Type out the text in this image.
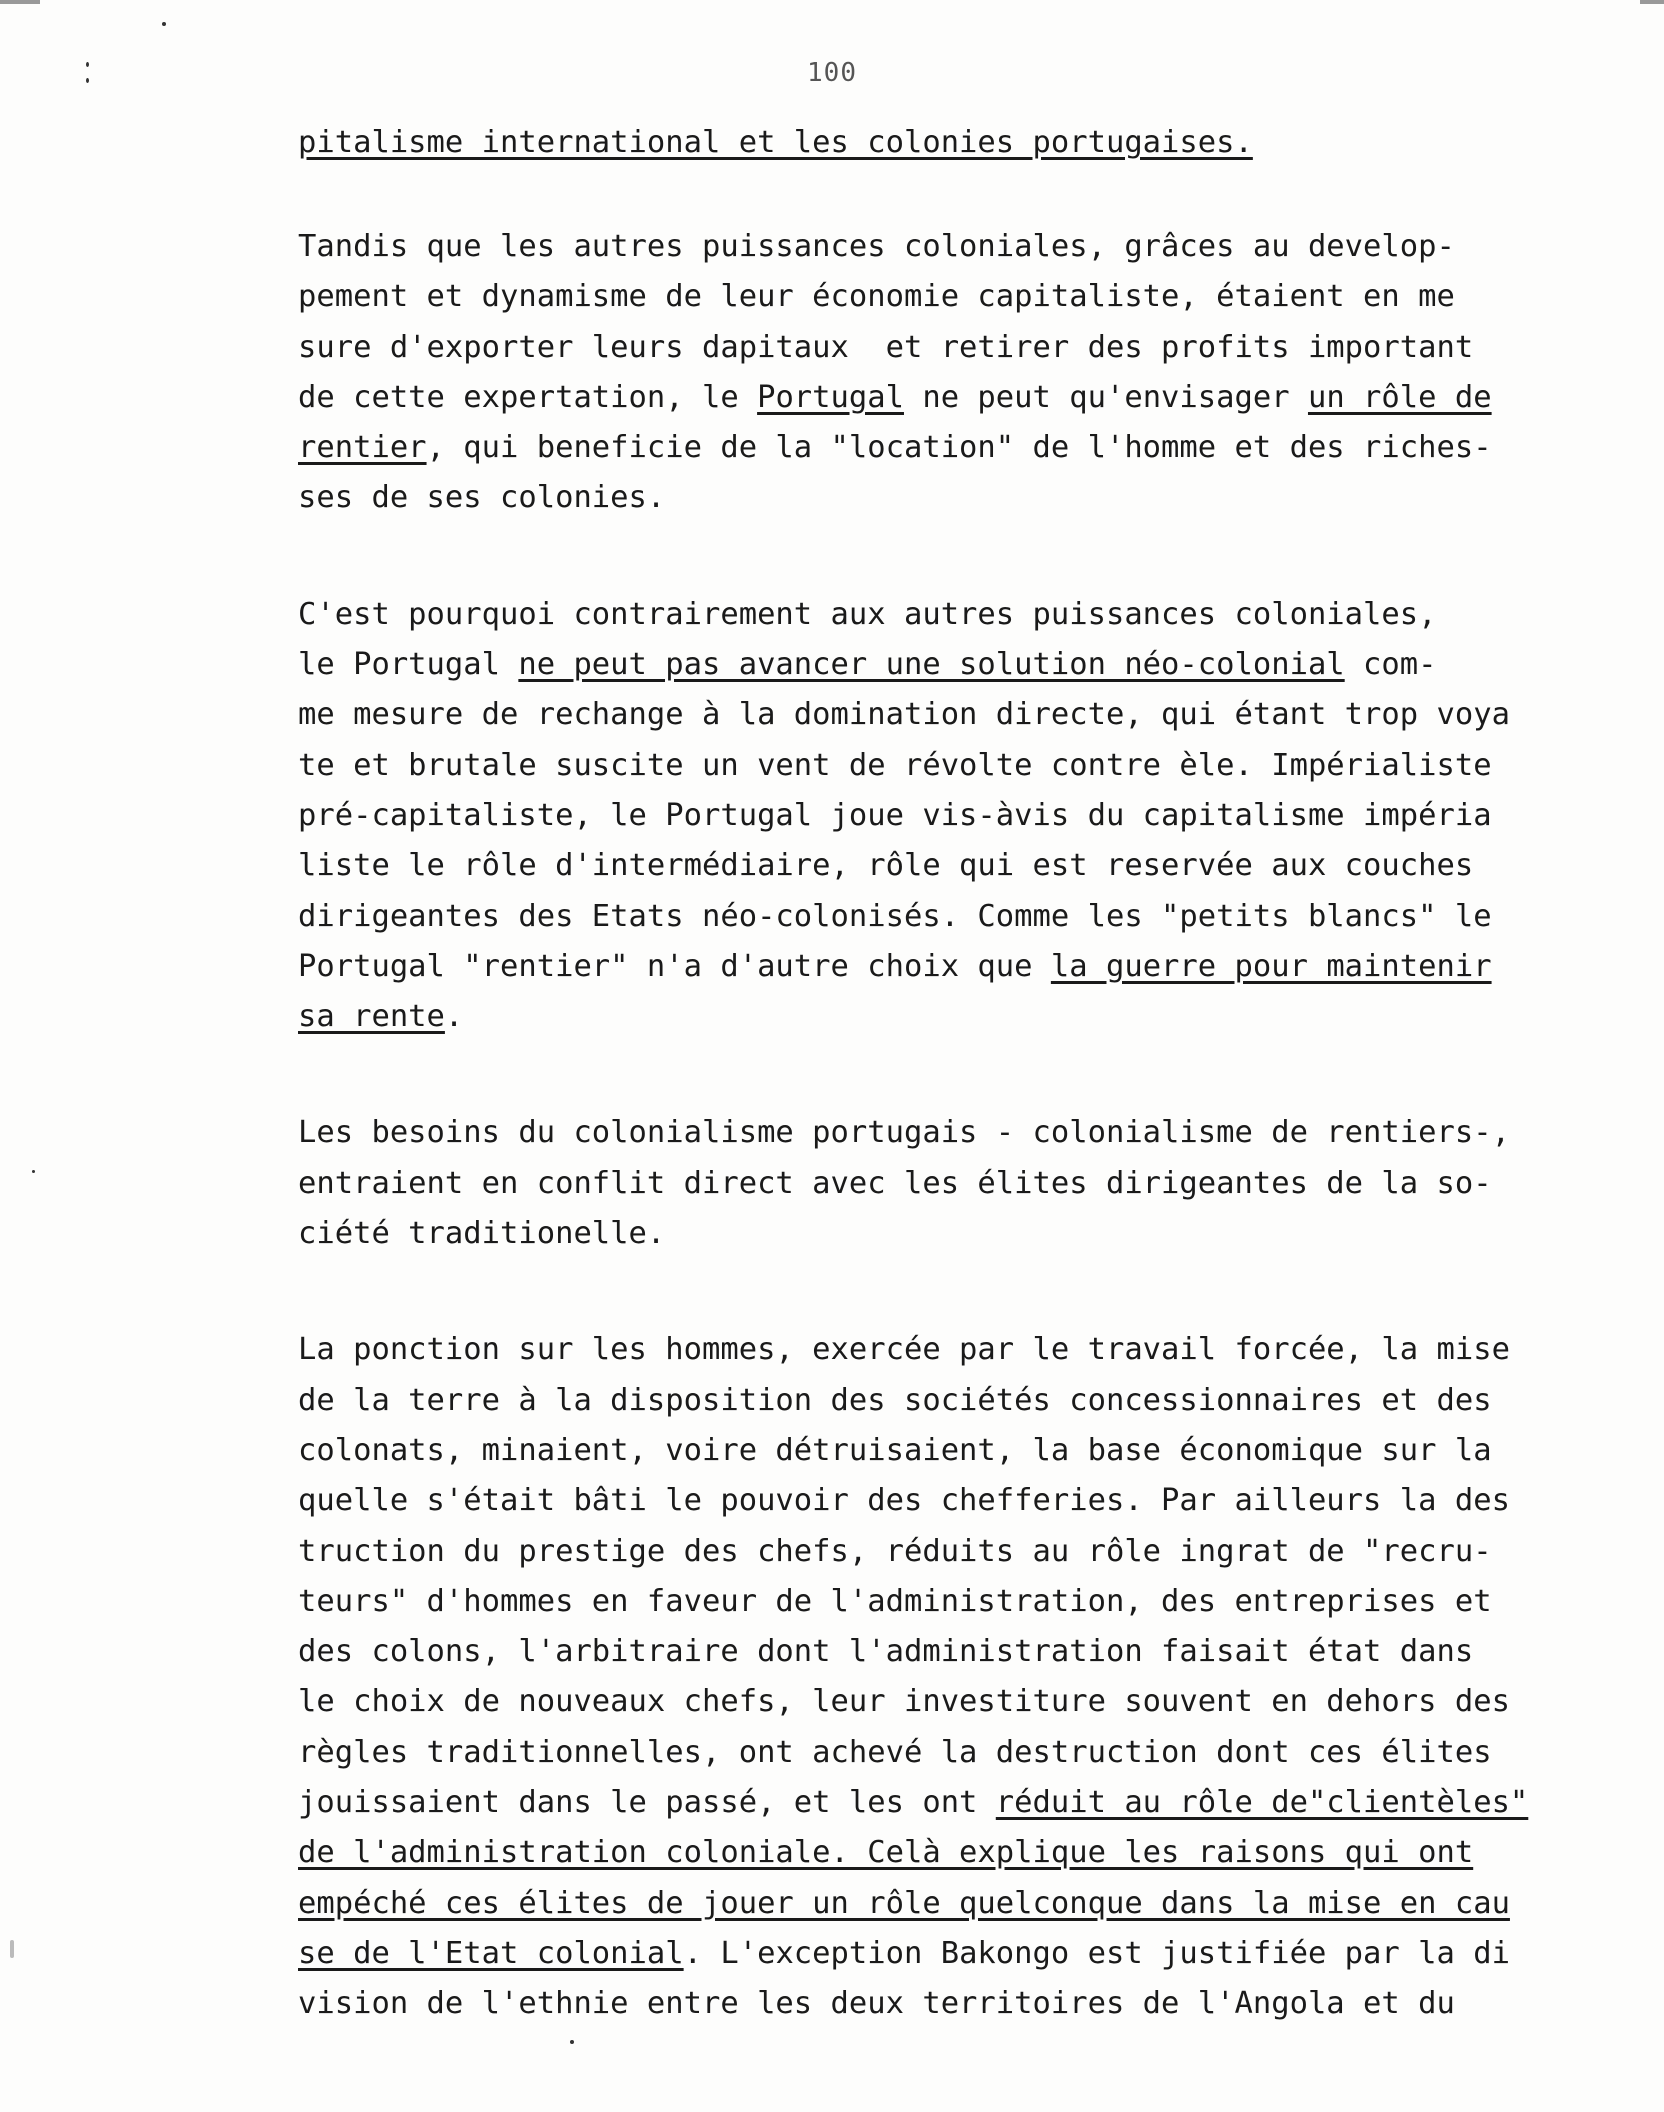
100

pitalisme international et les colonies portugaises.

Tandis que les autres puissances coloniales, grâces au develop-
pement et dynamisme de leur économie capitaliste, étaient en me
sure d'exporter leurs dapitaux  et retirer des profits important
de cette expertation, le Portugal ne peut qu'envisager un rôle de
rentier, qui beneficie de la "location" de l'homme et des riches-
ses de ses colonies.
C'est pourquoi contrairement aux autres puissances coloniales,
le Portugal ne peut pas avancer une solution néo-colonial com-
me mesure de rechange à la domination directe, qui étant trop voya
te et brutale suscite un vent de révolte contre èle. Impérialiste
pré-capitaliste, le Portugal joue vis-àvis du capitalisme impéria
liste le rôle d'intermédiaire, rôle qui est reservée aux couches
dirigeantes des Etats néo-colonisés. Comme les "petits blancs" le
Portugal "rentier" n'a d'autre choix que la guerre pour maintenir
sa rente.
Les besoins du colonialisme portugais - colonialisme de rentiers-,
entraient en conflit direct avec les élites dirigeantes de la so-
ciété traditionelle.
La ponction sur les hommes, exercée par le travail forcée, la mise
de la terre à la disposition des sociétés concessionnaires et des
colonats, minaient, voire détruisaient, la base économique sur la
quelle s'était bâti le pouvoir des chefferies. Par ailleurs la des
truction du prestige des chefs, réduits au rôle ingrat de "recru-
teurs" d'hommes en faveur de l'administration, des entreprises et
des colons, l'arbitraire dont l'administration faisait état dans
le choix de nouveaux chefs, leur investiture souvent en dehors des
règles traditionnelles, ont achevé la destruction dont ces élites
jouissaient dans le passé, et les ont réduit au rôle de"clientèles"
de l'administration coloniale. Celà explique les raisons qui ont
empéché ces élites de jouer un rôle quelconque dans la mise en cau
se de l'Etat colonial. L'exception Bakongo est justifiée par la di
vision de l'ethnie entre les deux territoires de l'Angola et du
